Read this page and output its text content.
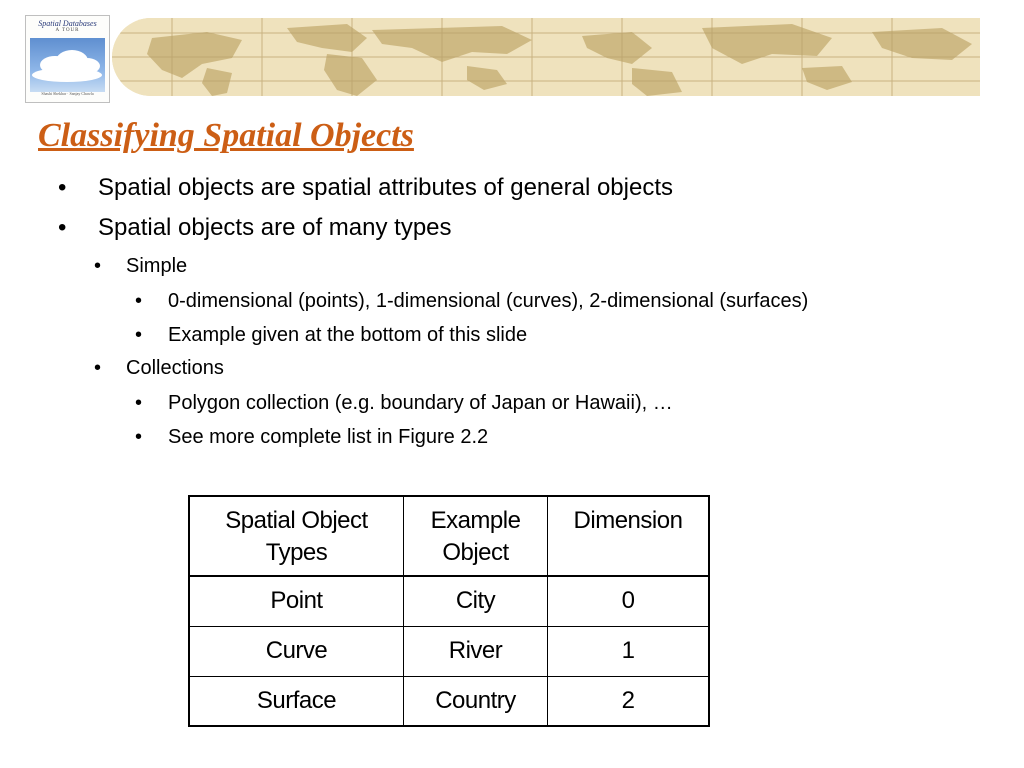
Spatial Databases
A TOUR
Shashi Shekhar · Sanjay Chawla
Classifying Spatial Objects
• Spatial objects are spatial attributes of general objects
• Spatial objects are of many types
• Simple
• 0-dimensional (points), 1-dimensional (curves), 2-dimensional (surfaces)
• Example given at the bottom of this slide
• Collections
• Polygon collection (e.g. boundary of Japan or Hawaii), …
• See more complete list in Figure 2.2
Spatial Object Types	Example Object	Dimension
Point	City	0
Curve	River	1
Surface	Country	2
